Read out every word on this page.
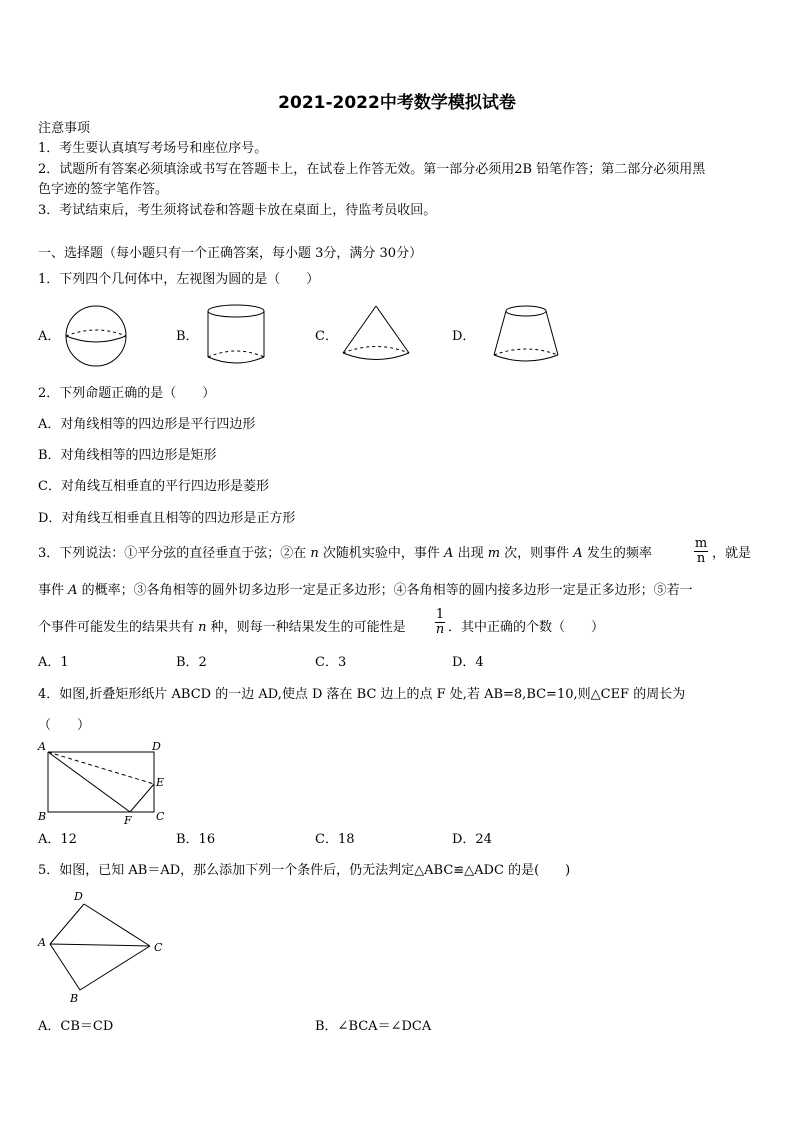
2021-2022中考数学模拟试卷
注意事项
1．考生要认真填写考场号和座位序号。
2．试题所有答案必须填涂或书写在答题卡上，在试卷上作答无效。第一部分必须用2B 铅笔作答；第二部分必须用黑
色字迹的签字笔作答。
3．考试结束后，考生须将试卷和答题卡放在桌面上，待监考员收回。
一、选择题（每小题只有一个正确答案，每小题 3分，满分 30分）
1．下列四个几何体中，左视图为圆的是（　　）
A．	B．	C．	D．
2．下列命题正确的是（　　）
A．对角线相等的四边形是平行四边形
B．对角线相等的四边形是矩形
C．对角线互相垂直的平行四边形是菱形
D．对角线互相垂直且相等的四边形是正方形
3．下列说法：①平分弦的直径垂直于弦；②在 n 次随机实验中，事件 A 出现 m 次，则事件 A 发生的频率
m
n ，就是
事件 A 的概率；③各角相等的圆外切多边形一定是正多边形；④各角相等的圆内接多边形一定是正多边形；⑤若一
个事件可能发生的结果共有 n 种，则每一种结果发生的可能性是
1
n ．其中正确的个数（　　）
A．1	B．2	C．3	D．4
4．如图,折叠矩形纸片 ABCD 的一边 AD,使点 D 落在 BC 边上的点 F 处,若 AB=8,BC=10,则△CEF 的周长为
（　　）
A	D
E
B	F C
A．12	B．16	C．18	D．24
5．如图，已知 AB＝AD，那么添加下列一个条件后，仍无法判定△ABC≌△ADC 的是(　　)
D
A	C
B
A．CB＝CD	B．∠BCA＝∠DCA
